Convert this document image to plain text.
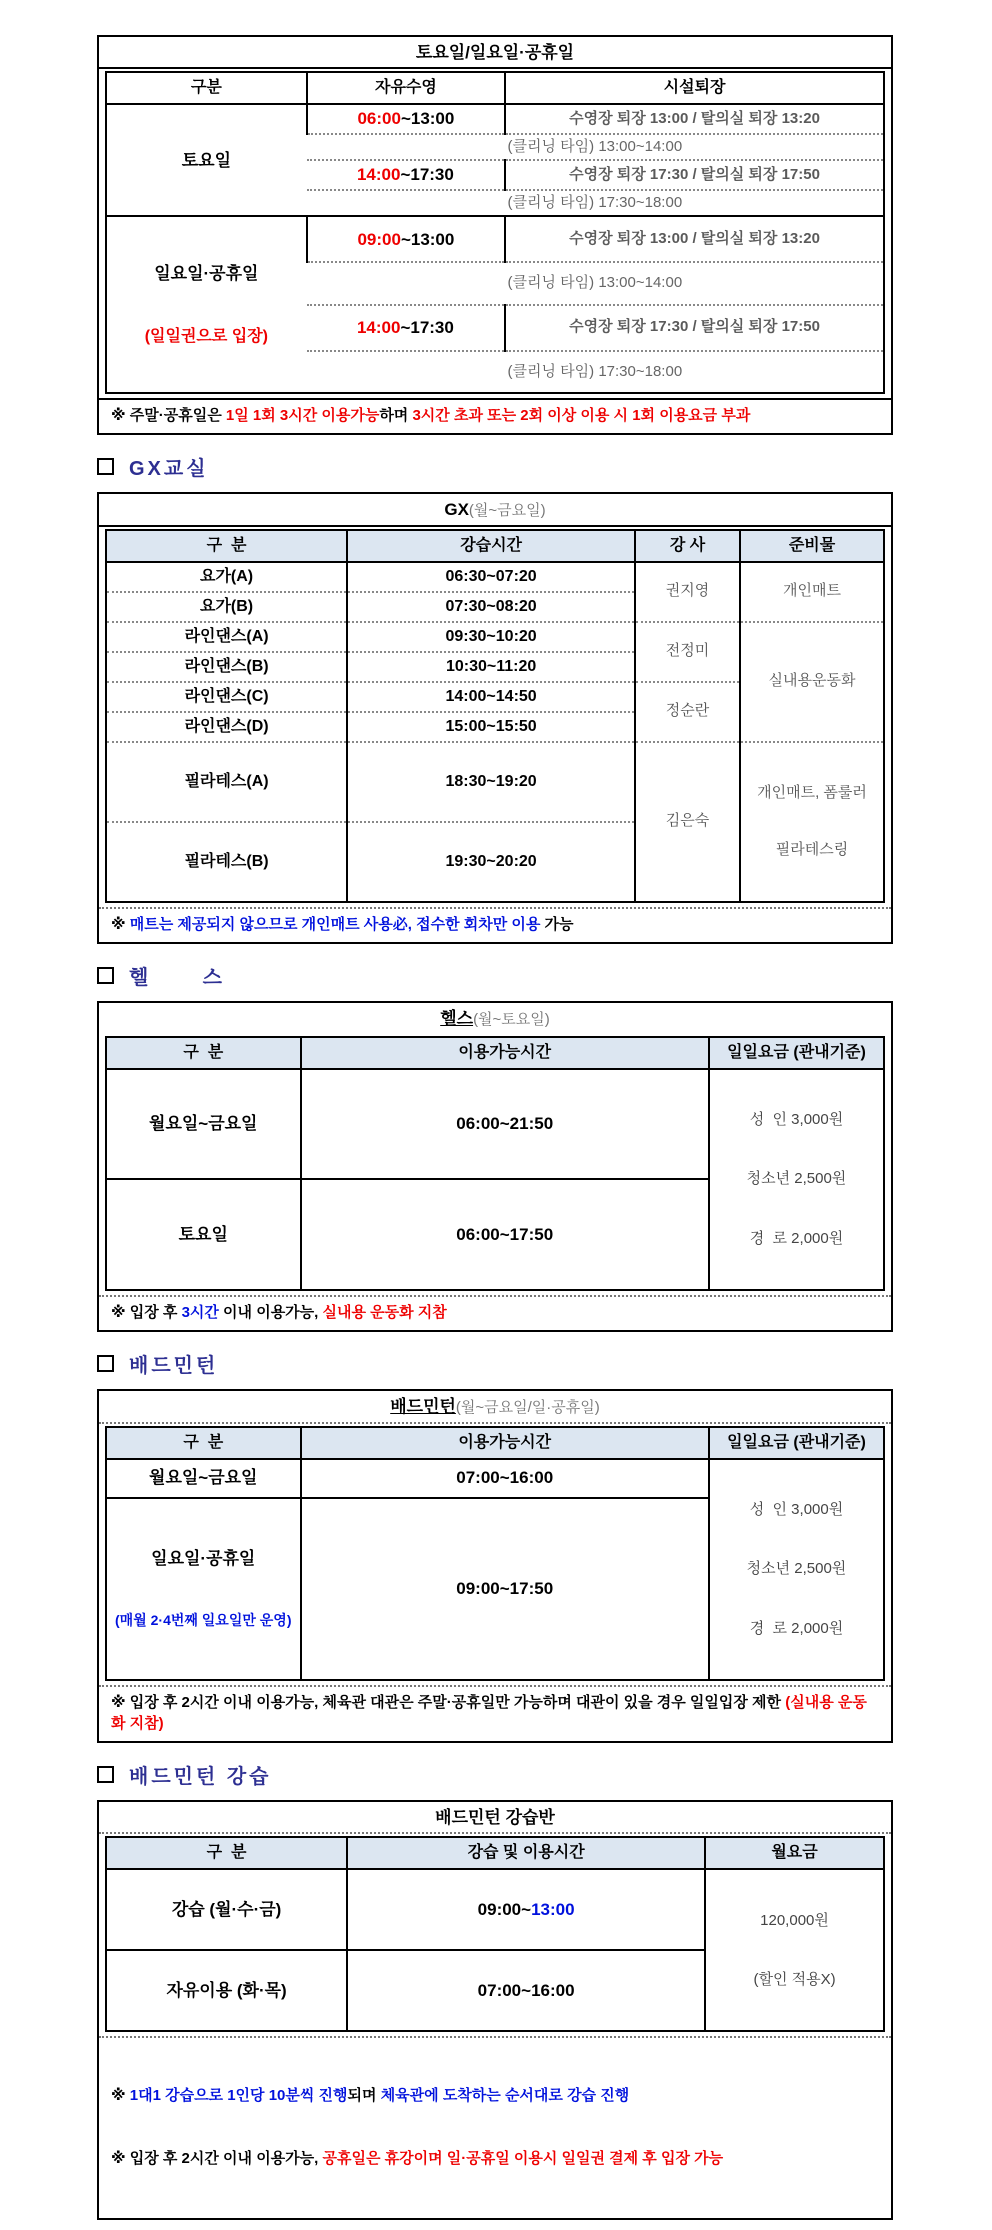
토요일/일요일·공휴일
구분	자유수영	시설퇴장
토요일	06:00~13:00	수영장 퇴장 13:00 / 탈의실 퇴장 13:20
	(클리닝 타임) 13:00~14:00	
	14:00~17:30	수영장 퇴장 17:30 / 탈의실 퇴장 17:50
	(클리닝 타임) 17:30~18:00	

일요일·공휴일

(일일권으로 입장)	09:00~13:00	수영장 퇴장 13:00 / 탈의실 퇴장 13:20
	(클리닝 타임) 13:00~14:00	
	14:00~17:30	수영장 퇴장 17:30 / 탈의실 퇴장 17:50
	(클리닝 타임) 17:30~18:00	
※ 주말·공휴일은 1일 1회 3시간 이용가능하며 3시간 초과 또는 2회 이상 이용 시 1회 이용요금 부과
GX교실
GX(월~금요일)
구  분	강습시간	강 사	준비물
요가(A)	06:30~07:20	권지영	개인매트
요가(B)	07:30~08:20		
라인댄스(A)	09:30~10:20	전정미	실내용운동화
라인댄스(B)	10:30~11:20		
라인댄스(C)	14:00~14:50	정순란	
라인댄스(D)	15:00~15:50		
필라테스(A)	18:30~19:20	김은숙	개인매트, 폼룰러

필라테스링

필라테스(B)	19:30~20:20		
※ 매트는 제공되지 않으므로 개인매트 사용必, 접수한 회차만 이용 가능
헬      스
헬스(월~토요일)
구  분	이용가능시간	일일요금 (관내기준)
월요일~금요일	06:00~21:50	성  인 3,000원

청소년 2,500원

경  로 2,000원

토요일	06:00~17:50	
※ 입장 후 3시간 이내 이용가능, 실내용 운동화 지참
배드민턴
배드민턴(월~금요일/일·공휴일)
구  분	이용가능시간	일일요금 (관내기준)
월요일~금요일	07:00~16:00	성  인 3,000원

청소년 2,500원

경  로 2,000원

일요일·공휴일

(매월 2·4번째 일요일만 운영)	09:00~17:50	
※ 입장 후 2시간 이내 이용가능, 체육관 대관은 주말·공휴일만 가능하며 대관이 있을 경우 일일입장 제한 (실내용 운동화 지참)
배드민턴 강습
배드민턴 강습반
구  분	강습 및 이용시간	월요금
강습 (월·수·금)	09:00~13:00	120,000원

(할인 적용X)

자유이용 (화·목)	07:00~16:00	

※ 1대1 강습으로 1인당 10분씩 진행되며 체육관에 도착하는 순서대로 강습 진행

※ 입장 후 2시간 이내 이용가능, 공휴일은 휴강이며 일·공휴일 이용시 일일권 결제 후 입장 가능
